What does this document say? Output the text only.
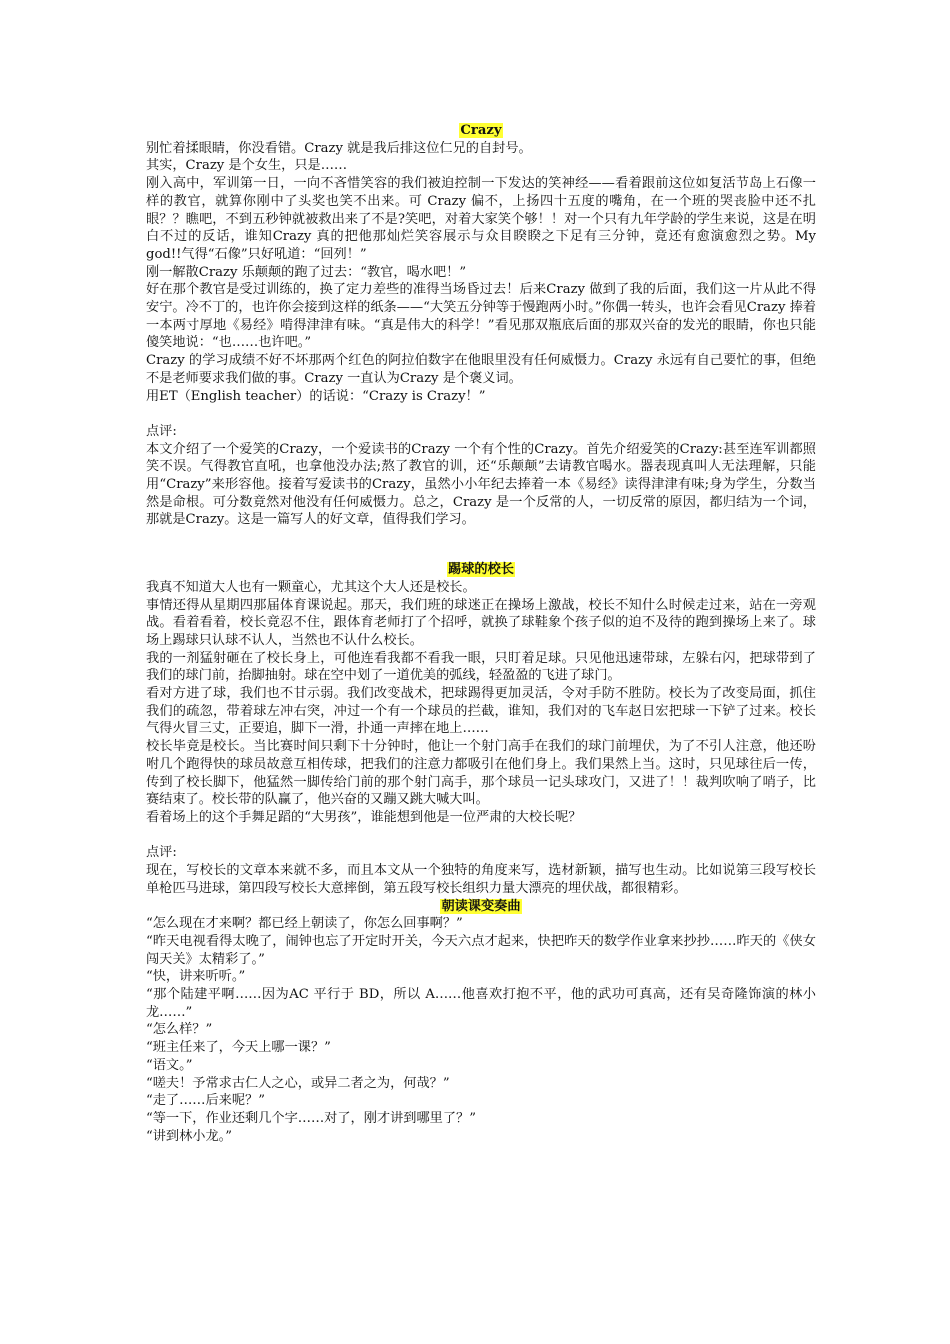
Crazy

别忙着揉眼睛，你没看错。Crazy 就是我后排这位仁兄的自封号。

其实，Crazy 是个女生，只是……

刚入高中，军训第一日，一向不吝惜笑容的我们被迫控制一下发达的笑神经——看着跟前这位如复活节岛上石像一样的教官，就算你刚中了头奖也笑不出来。可 Crazy 偏不，上扬四十五度的嘴角，在一个班的哭丧脸中还不扎眼？？瞧吧，不到五秒钟就被救出来了不是?笑吧，对着大家笑个够！！对一个只有九年学龄的学生来说，这是在明白不过的反话，谁知Crazy 真的把他那灿烂笑容展示与众目睽睽之下足有三分钟，竟还有愈演愈烈之势。My god!!气得“石像”只好吼道：“回列！”

刚一解散Crazy 乐颠颠的跑了过去：“教官，喝水吧！”

好在那个教官是受过训练的，换了定力差些的准得当场昏过去！后来Crazy 做到了我的后面，我们这一片从此不得安宁。冷不丁的，也许你会接到这样的纸条——“大笑五分钟等于慢跑两小时。”你偶一转头，也许会看见Crazy 捧着一本两寸厚地《易经》啃得津津有味。“真是伟大的科学！”看见那双瓶底后面的那双兴奋的发光的眼睛，你也只能傻笑地说：“也……也许吧。”

Crazy 的学习成绩不好不坏那两个红色的阿拉伯数字在他眼里没有任何威慑力。Crazy 永远有自己要忙的事，但绝不是老师要求我们做的事。Crazy 一直认为Crazy 是个褒义词。

用ET（English teacher）的话说：“Crazy is Crazy！”

点评:

本文介绍了一个爱笑的Crazy，一个爱读书的Crazy 一个有个性的Crazy。首先介绍爱笑的Crazy:甚至连军训都照笑不误。气得教官直吼，也拿他没办法;熬了教官的训，还“乐颠颠”去请教官喝水。器表现真叫人无法理解，只能用“Crazy”来形容他。接着写爱读书的Crazy，虽然小小年纪去捧着一本《易经》读得津津有味;身为学生，分数当然是命根。可分数竟然对他没有任何威慑力。总之，Crazy 是一个反常的人，一切反常的原因，都归结为一个词，那就是Crazy。这是一篇写人的好文章，值得我们学习。

踢球的校长

我真不知道大人也有一颗童心，尤其这个大人还是校长。

事情还得从星期四那届体育课说起。那天，我们班的球迷正在操场上激战，校长不知什么时候走过来，站在一旁观战。看着看着，校长竟忍不住，跟体育老师打了个招呼，就换了球鞋象个孩子似的迫不及待的跑到操场上来了。球场上踢球只认球不认人，当然也不认什么校长。

我的一剂猛射砸在了校长身上，可他连看我都不看我一眼，只盯着足球。只见他迅速带球，左躲右闪，把球带到了我们的球门前，抬脚抽射。球在空中划了一道优美的弧线，轻盈盈的飞进了球门。

看对方进了球，我们也不甘示弱。我们改变战术，把球踢得更加灵活，令对手防不胜防。校长为了改变局面，抓住我们的疏忽，带着球左冲右突，冲过一个有一个球员的拦截，谁知，我们对的飞车赵日宏把球一下铲了过来。校长气得火冒三丈，正要追，脚下一滑，扑通一声摔在地上……

校长毕竟是校长。当比赛时间只剩下十分钟时，他让一个射门高手在我们的球门前埋伏，为了不引人注意，他还吩咐几个跑得快的球员故意互相传球，把我们的注意力都吸引在他们身上。我们果然上当。这时，只见球往后一传，传到了校长脚下，他猛然一脚传给门前的那个射门高手，那个球员一记头球攻门，又进了！！裁判吹响了哨子，比赛结束了。校长带的队赢了，他兴奋的又蹦又跳大喊大叫。

看着场上的这个手舞足蹈的“大男孩”，谁能想到他是一位严肃的大校长呢？

点评:

现在，写校长的文章本来就不多，而且本文从一个独特的角度来写，选材新颖，描写也生动。比如说第三段写校长单枪匹马进球，第四段写校长大意摔倒，第五段写校长组织力量大漂亮的埋伏战，都很精彩。

朝读课变奏曲

“怎么现在才来啊？都已经上朝读了，你怎么回事啊？”

“昨天电视看得太晚了，闹钟也忘了开定时开关，今天六点才起来，快把昨天的数学作业拿来抄抄……昨天的《侠女闯天关》太精彩了。”

“快，讲来听听。”

“那个陆建平啊……因为AC 平行于 BD，所以 A……他喜欢打抱不平，他的武功可真高，还有吴奇隆饰演的林小龙……”

“怎么样？”

“班主任来了，今天上哪一课？”

“语文。”

“嗟夫！予常求古仁人之心，或异二者之为，何哉？”

“走了……后来呢？”

“等一下，作业还剩几个字……对了，刚才讲到哪里了？”

“讲到林小龙。”
